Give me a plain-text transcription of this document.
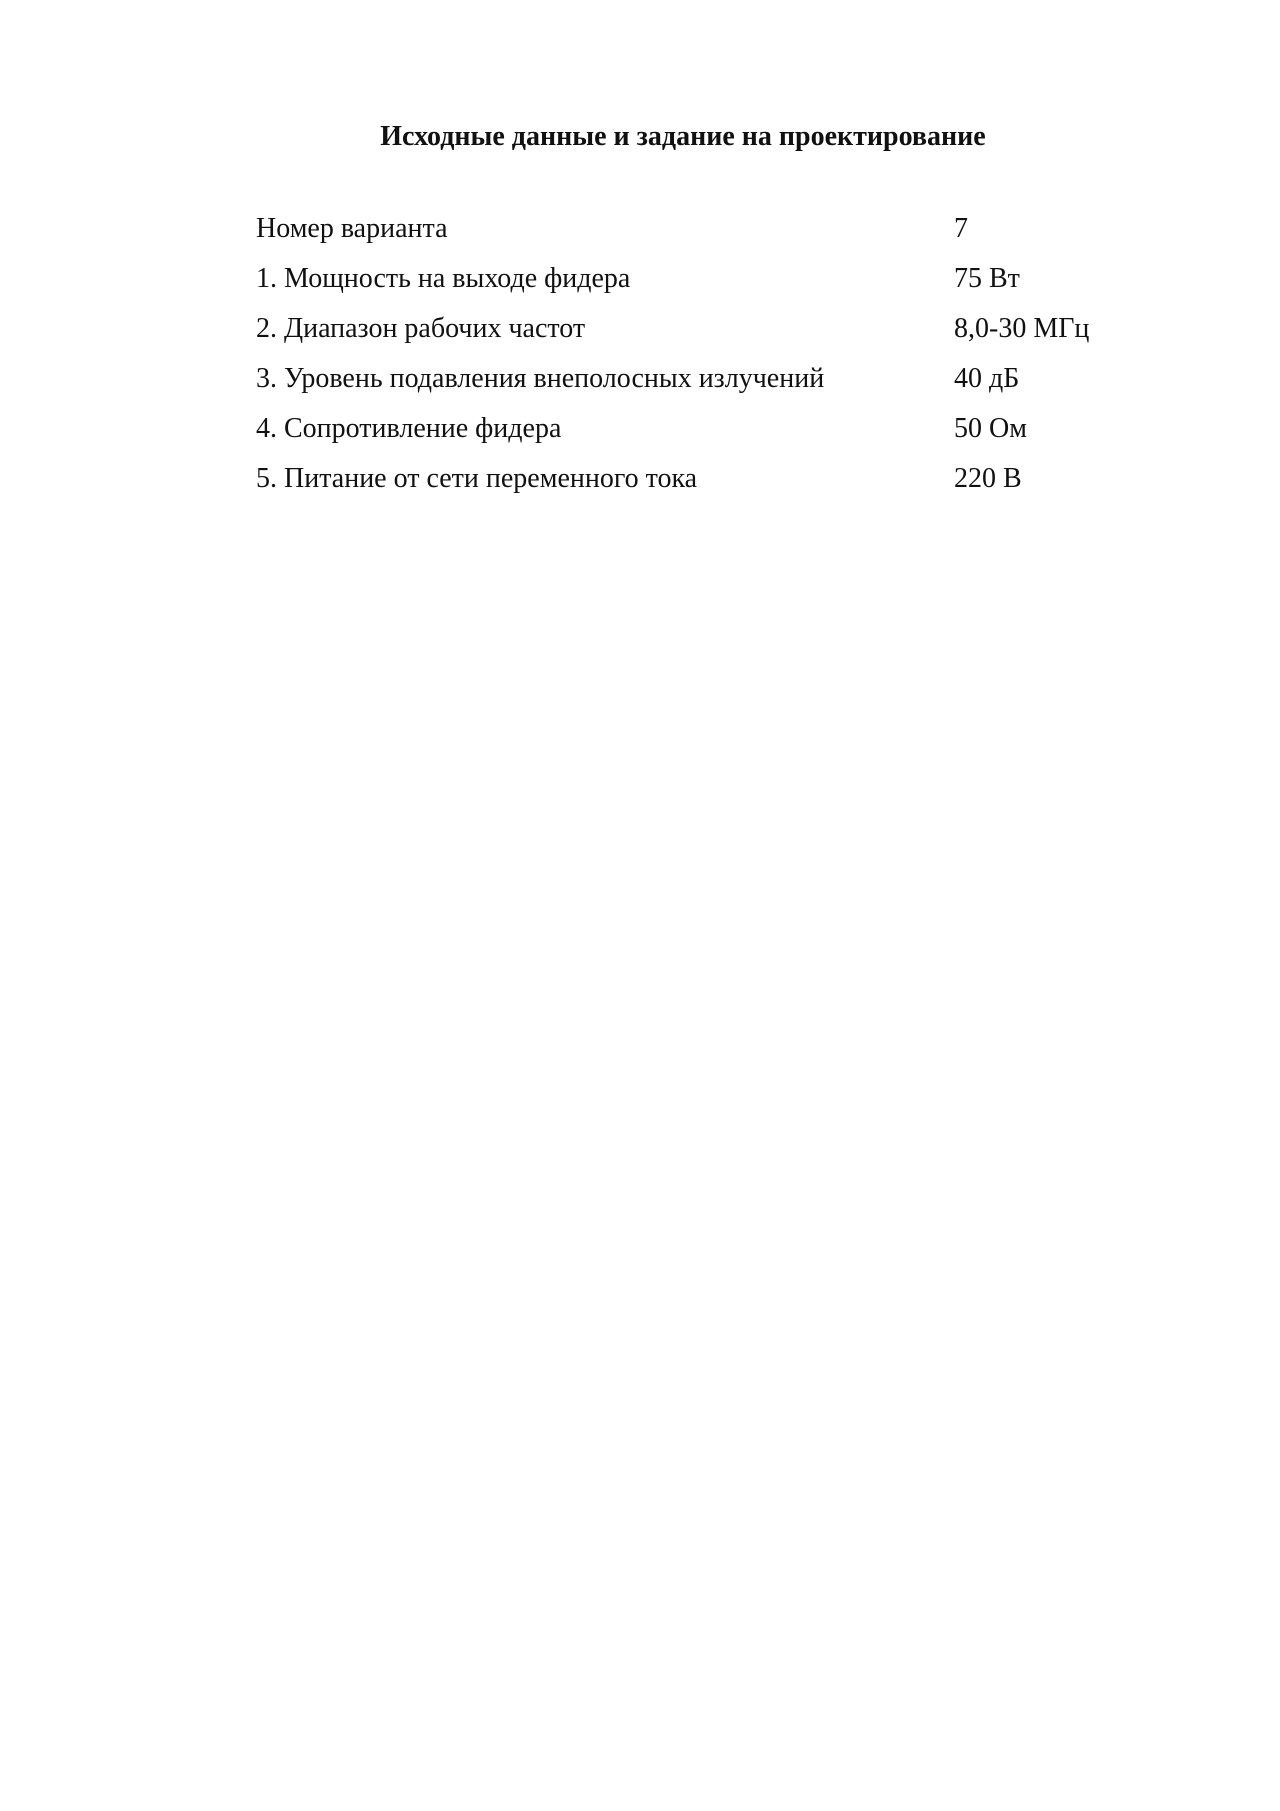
Исходные данные и задание на проектирование
Номер варианта	7
1. Мощность на выходе фидера	75 Вт
2. Диапазон рабочих частот	8,0-30 МГц
3. Уровень подавления внеполосных излучений	40 дБ
4. Сопротивление фидера	50 Ом
5. Питание от сети переменного тока	220 В
